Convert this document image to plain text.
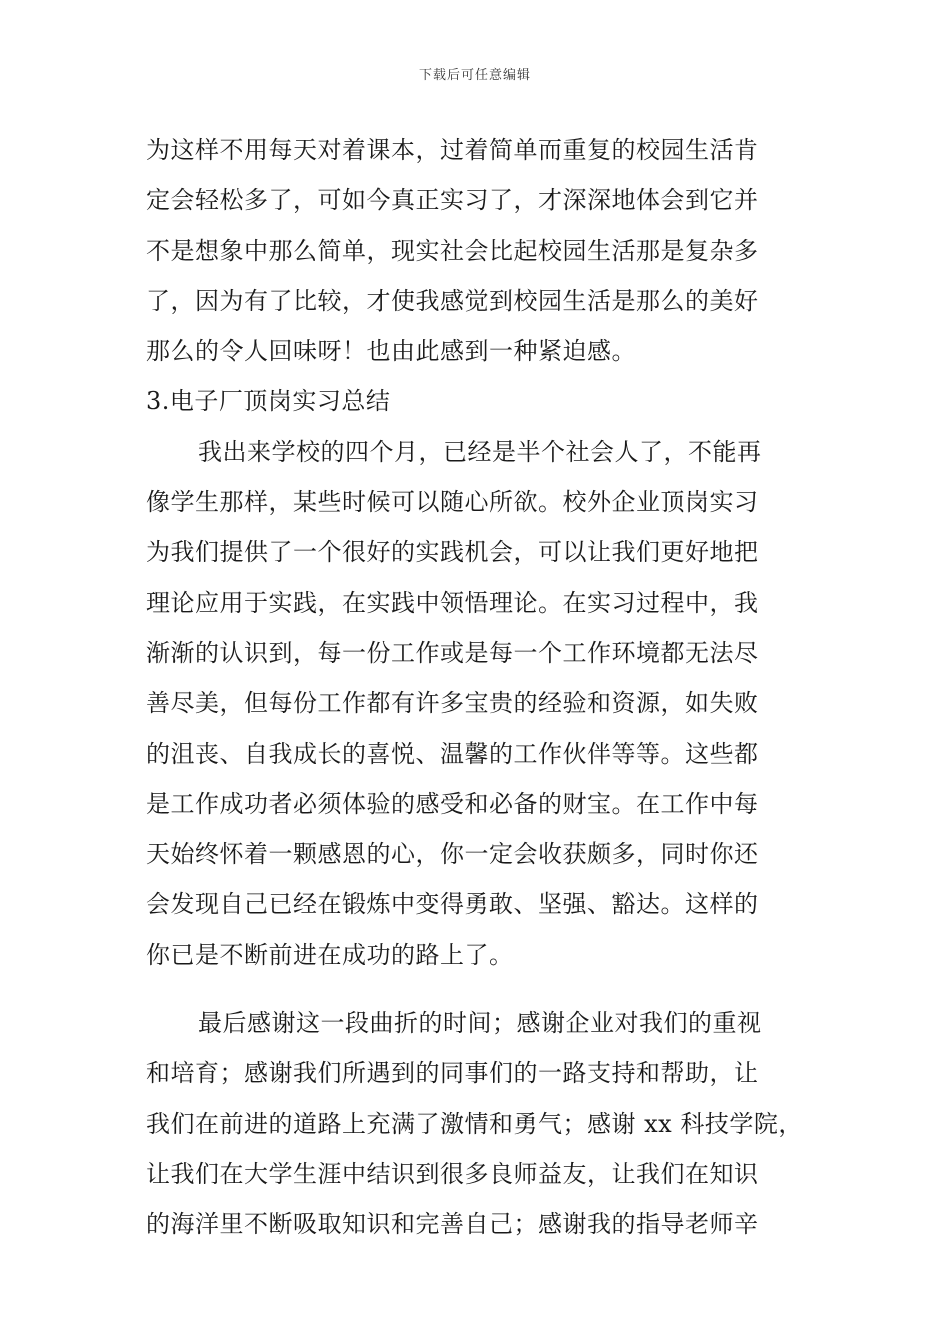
下载后可任意编辑
为这样不用每天对着课本，过着简单而重复的校园生活肯
定会轻松多了，可如今真正实习了，才深深地体会到它并
不是想象中那么简单，现实社会比起校园生活那是复杂多
了，因为有了比较，才使我感觉到校园生活是那么的美好
那么的令人回味呀！也由此感到一种紧迫感。
3.电子厂顶岗实习总结
我出来学校的四个月，已经是半个社会人了，不能再
像学生那样，某些时候可以随心所欲。校外企业顶岗实习
为我们提供了一个很好的实践机会，可以让我们更好地把
理论应用于实践，在实践中领悟理论。在实习过程中，我
渐渐的认识到，每一份工作或是每一个工作环境都无法尽
善尽美，但每份工作都有许多宝贵的经验和资源，如失败
的沮丧、自我成长的喜悦、温馨的工作伙伴等等。这些都
是工作成功者必须体验的感受和必备的财宝。在工作中每
天始终怀着一颗感恩的心，你一定会收获颇多，同时你还
会发现自己已经在锻炼中变得勇敢、坚强、豁达。这样的
你已是不断前进在成功的路上了。
最后感谢这一段曲折的时间；感谢企业对我们的重视
和培育；感谢我们所遇到的同事们的一路支持和帮助，让
我们在前进的道路上充满了激情和勇气；感谢 xx 科技学院，
让我们在大学生涯中结识到很多良师益友，让我们在知识
的海洋里不断吸取知识和完善自己；感谢我的指导老师辛
